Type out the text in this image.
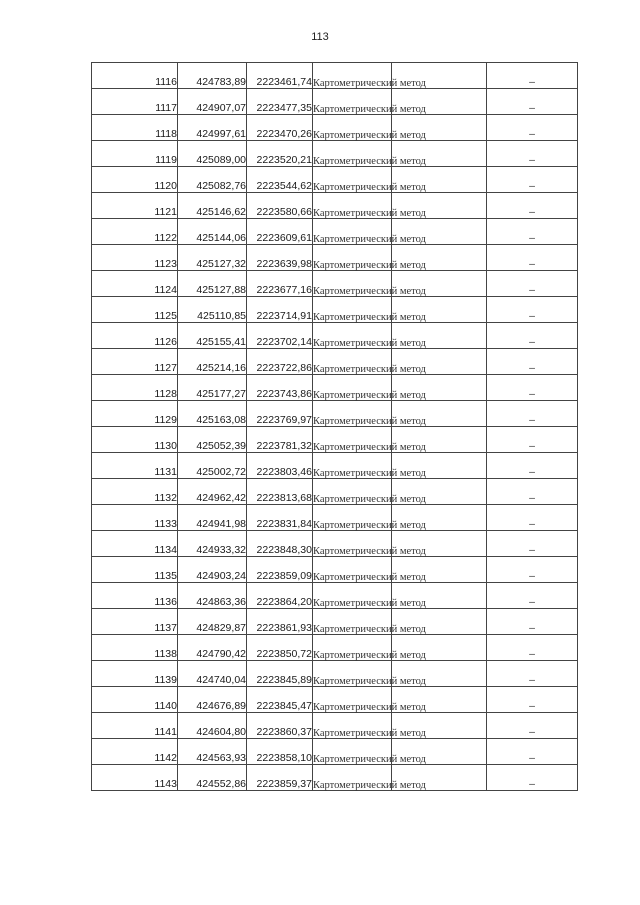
113
1116	424783,89	2223461,74	Картометрический метод		–
1117	424907,07	2223477,35	Картометрический метод		–
1118	424997,61	2223470,26	Картометрический метод		–
1119	425089,00	2223520,21	Картометрический метод		–
1120	425082,76	2223544,62	Картометрический метод		–
1121	425146,62	2223580,66	Картометрический метод		–
1122	425144,06	2223609,61	Картометрический метод		–
1123	425127,32	2223639,98	Картометрический метод		–
1124	425127,88	2223677,16	Картометрический метод		–
1125	425110,85	2223714,91	Картометрический метод		–
1126	425155,41	2223702,14	Картометрический метод		–
1127	425214,16	2223722,86	Картометрический метод		–
1128	425177,27	2223743,86	Картометрический метод		–
1129	425163,08	2223769,97	Картометрический метод		–
1130	425052,39	2223781,32	Картометрический метод		–
1131	425002,72	2223803,46	Картометрический метод		–
1132	424962,42	2223813,68	Картометрический метод		–
1133	424941,98	2223831,84	Картометрический метод		–
1134	424933,32	2223848,30	Картометрический метод		–
1135	424903,24	2223859,09	Картометрический метод		–
1136	424863,36	2223864,20	Картометрический метод		–
1137	424829,87	2223861,93	Картометрический метод		–
1138	424790,42	2223850,72	Картометрический метод		–
1139	424740,04	2223845,89	Картометрический метод		–
1140	424676,89	2223845,47	Картометрический метод		–
1141	424604,80	2223860,37	Картометрический метод		–
1142	424563,93	2223858,10	Картометрический метод		–
1143	424552,86	2223859,37	Картометрический метод		–
